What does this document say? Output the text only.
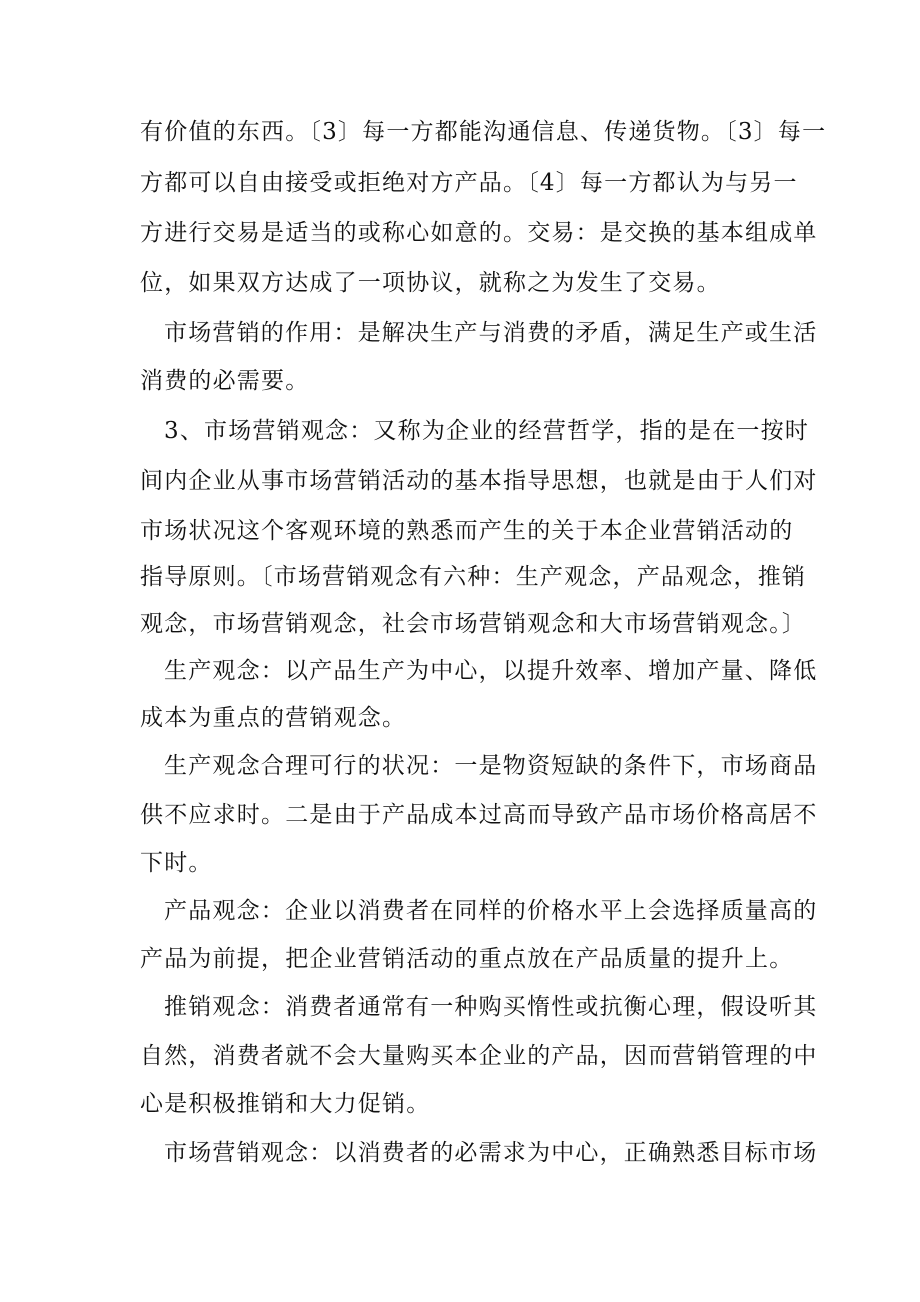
有价值的东西。〔3〕每一方都能沟通信息、传递货物。〔3〕每一
方都可以自由接受或拒绝对方产品。〔4〕每一方都认为与另一
方进行交易是适当的或称心如意的。交易：是交换的基本组成单
位，如果双方达成了一项协议，就称之为发生了交易。
市场营销的作用：是解决生产与消费的矛盾，满足生产或生活
消费的必需要。
3、市场营销观念：又称为企业的经营哲学，指的是在一按时
间内企业从事市场营销活动的基本指导思想，也就是由于人们对
市场状况这个客观环境的熟悉而产生的关于本企业营销活动的
指导原则。〔市场营销观念有六种：生产观念，产品观念，推销
观念，市场营销观念，社会市场营销观念和大市场营销观念。〕
生产观念：以产品生产为中心，以提升效率、增加产量、降低
成本为重点的营销观念。
生产观念合理可行的状况：一是物资短缺的条件下，市场商品
供不应求时。二是由于产品成本过高而导致产品市场价格高居不
下时。
产品观念：企业以消费者在同样的价格水平上会选择质量高的
产品为前提，把企业营销活动的重点放在产品质量的提升上。
推销观念：消费者通常有一种购买惰性或抗衡心理，假设听其
自然，消费者就不会大量购买本企业的产品，因而营销管理的中
心是积极推销和大力促销。
市场营销观念：以消费者的必需求为中心，正确熟悉目标市场
